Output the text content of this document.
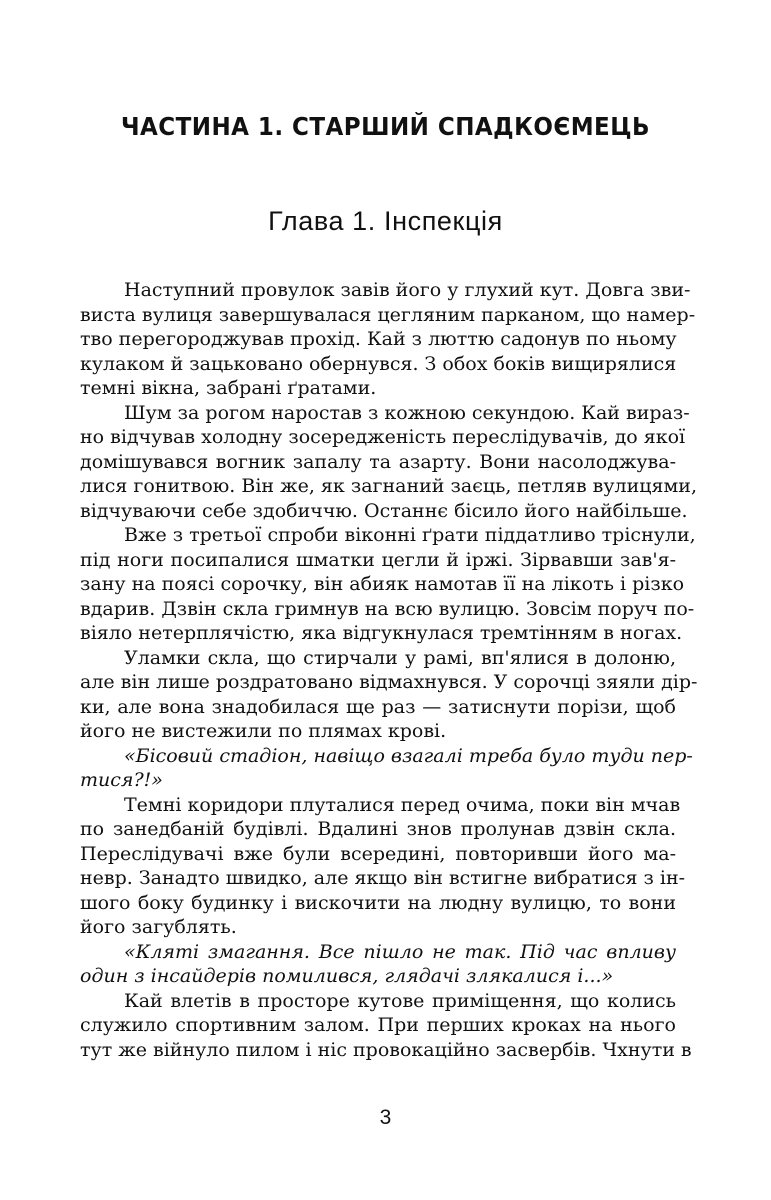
ЧАСТИНА 1. СТАРШИЙ СПАДКОЄМЕЦЬ
Глава 1. Інспекція
Наступний провулок завів його у глухий кут. Довга зви-
виста вулиця завершувалася цегляним парканом, що намер-
тво перегороджував прохід. Кай з люттю садонув по ньому
кулаком й зацьковано обернувся. З обох боків вищирялися
темні вікна, забрані ґратами.
Шум за рогом наростав з кожною секундою. Кай вираз-
но відчував холодну зосередженість переслідувачів, до якої
домішувався вогник запалу та азарту. Вони насолоджува-
лися гонитвою. Він же, як загнаний заєць, петляв вулицями,
відчуваючи себе здобиччю. Останнє бісило його найбільше.
Вже з третьої спроби віконні ґрати піддатливо тріснули,
під ноги посипалися шматки цегли й іржі. Зірвавши зав'я-
зану на поясі сорочку, він абияк намотав її на лікоть і різко
вдарив. Дзвін скла гримнув на всю вулицю. Зовсім поруч по-
віяло нетерплячістю, яка відгукнулася тремтінням в ногах.
Уламки скла, що стирчали у рамі, вп'ялися в долоню,
але він лише роздратовано відмахнувся. У сорочці зяяли дір-
ки, але вона знадобилася ще раз — затиснути порізи, щоб
його не вистежили по плямах крові.
«Бісовий стадіон, навіщо взагалі треба було туди пер-
тися?!»
Темні коридори плуталися перед очима, поки він мчав
по занедбаній будівлі. Вдалині знов пролунав дзвін скла.
Переслідувачі вже були всередині, повторивши його ма-
невр. Занадто швидко, але якщо він встигне вибратися з ін-
шого боку будинку і вискочити на людну вулицю, то вони
його загублять.
«Кляті змагання. Все пішло не так. Під час впливу
один з інсайдерів помилився, глядачі злякалися і...»
Кай влетів в просторе кутове приміщення, що колись
служило спортивним залом. При перших кроках на нього
тут же війнуло пилом і ніс провокаційно засвербів. Чхнути в
3
